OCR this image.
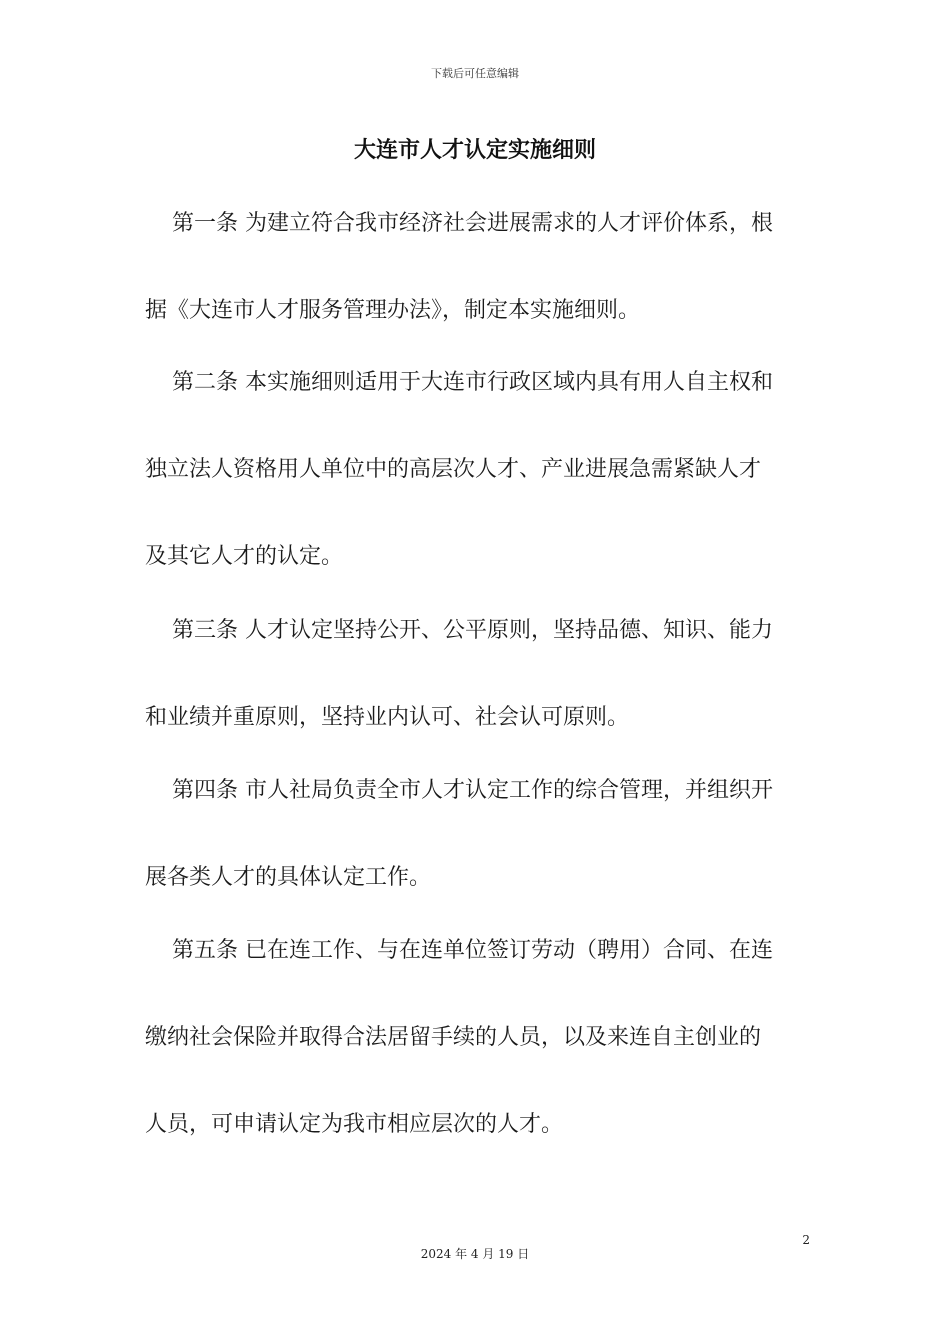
下载后可任意编辑
大连市人才认定实施细则
第一条 为建立符合我市经济社会进展需求的人才评价体系，根
据《大连市人才服务管理办法》，制定本实施细则。
第二条 本实施细则适用于大连市行政区域内具有用人自主权和
独立法人资格用人单位中的高层次人才、产业进展急需紧缺人才
及其它人才的认定。
第三条 人才认定坚持公开、公平原则，坚持品德、知识、能力
和业绩并重原则，坚持业内认可、社会认可原则。
第四条 市人社局负责全市人才认定工作的综合管理，并组织开
展各类人才的具体认定工作。
第五条 已在连工作、与在连单位签订劳动（聘用）合同、在连
缴纳社会保险并取得合法居留手续的人员，以及来连自主创业的
人员，可申请认定为我市相应层次的人才。
2
2024 年 4 月 19 日
